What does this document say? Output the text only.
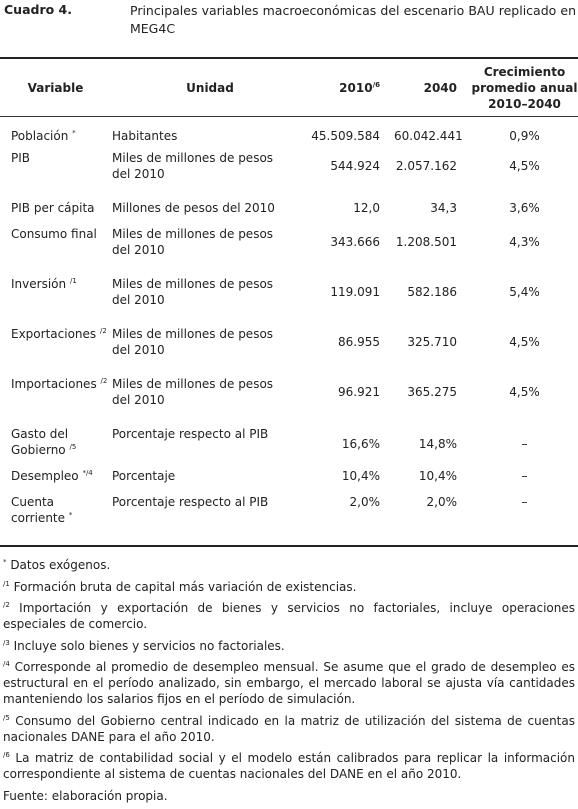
Cuadro 4.	Principales variables macroeconómicas del escenario BAU replicado en MEG4C
Variable	Unidad	$2010^{/6}$	2040	Crecimiento promedio anual 2010–2040
Población *	Habitantes	45.509.584	60.042.441	0,9%
PIB	Miles de millones de pesos del 2010	544.924	2.057.162	4,5%
PIB per cápita	Millones de pesos del 2010	12,0	34,3	3,6%
Consumo final	Miles de millones de pesos del 2010	343.666	1.208.501	4,3%
Inversión $^{/1}$	Miles de millones de pesos del 2010	119.091	582.186	5,4%
Exportaciones $^{/2}$	Miles de millones de pesos del 2010	86.955	325.710	4,5%
Importaciones $^{/2}$	Miles de millones de pesos del 2010	96.921	365.275	4,5%
Gasto del Gobierno $^{/5}$	Porcentaje respecto al PIB	16,6%	14,8%	–
Desempleo $^{*/4}$	Porcentaje	10,4%	10,4%	–
Cuenta corriente *	Porcentaje respecto al PIB	2,0%	2,0%	–
* Datos exógenos.
$^{/1}$ Formación bruta de capital más variación de existencias.
$^{/2}$ Importación y exportación de bienes y servicios no factoriales, incluye operaciones especiales de comercio.
$^{/3}$ Incluye solo bienes y servicios no factoriales.
$^{/4}$ Corresponde al promedio de desempleo mensual. Se asume que el grado de desempleo es estructural en el período analizado, sin embargo, el mercado laboral se ajusta vía cantidades manteniendo los salarios fijos en el período de simulación.
$^{/5}$ Consumo del Gobierno central indicado en la matriz de utilización del sistema de cuentas nacionales DANE para el año 2010.
$^{/6}$ La matriz de contabilidad social y el modelo están calibrados para replicar la información correspondiente al sistema de cuentas nacionales del DANE en el año 2010.
Fuente: elaboración propia.
